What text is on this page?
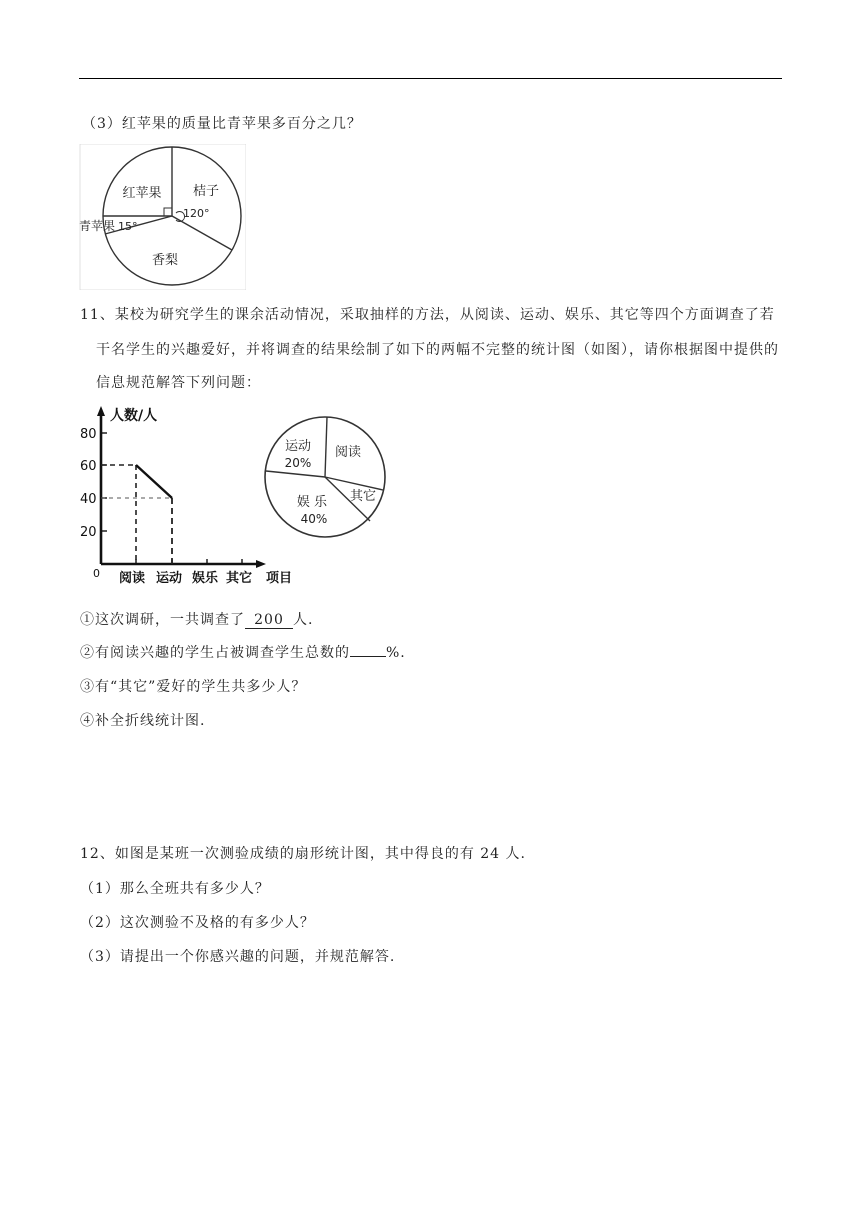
（3）红苹果的质量比青苹果多百分之几？
红苹果 桔子
120°
青苹果 15°
香梨
11、某校为研究学生的课余活动情况，采取抽样的方法，从阅读、运动、娱乐、其它等四个方面调查了若
干名学生的兴趣爱好，并将调查的结果绘制了如下的两幅不完整的统计图（如图），请你根据图中提供的
信息规范解答下列问题：
人数/人
80
60
40
20
0 阅读 运动 娱乐 其它 项目
运动
20%
阅读
其它
娱 乐
40%
①这次调研，一共调查了 200 人.
②有阅读兴趣的学生占被调查学生总数的	%.
③有“其它”爱好的学生共多少人？
④补全折线统计图.
12、如图是某班一次测验成绩的扇形统计图，其中得良的有 24 人.
（1）那么全班共有多少人？
（2）这次测验不及格的有多少人？
（3）请提出一个你感兴趣的问题，并规范解答.
